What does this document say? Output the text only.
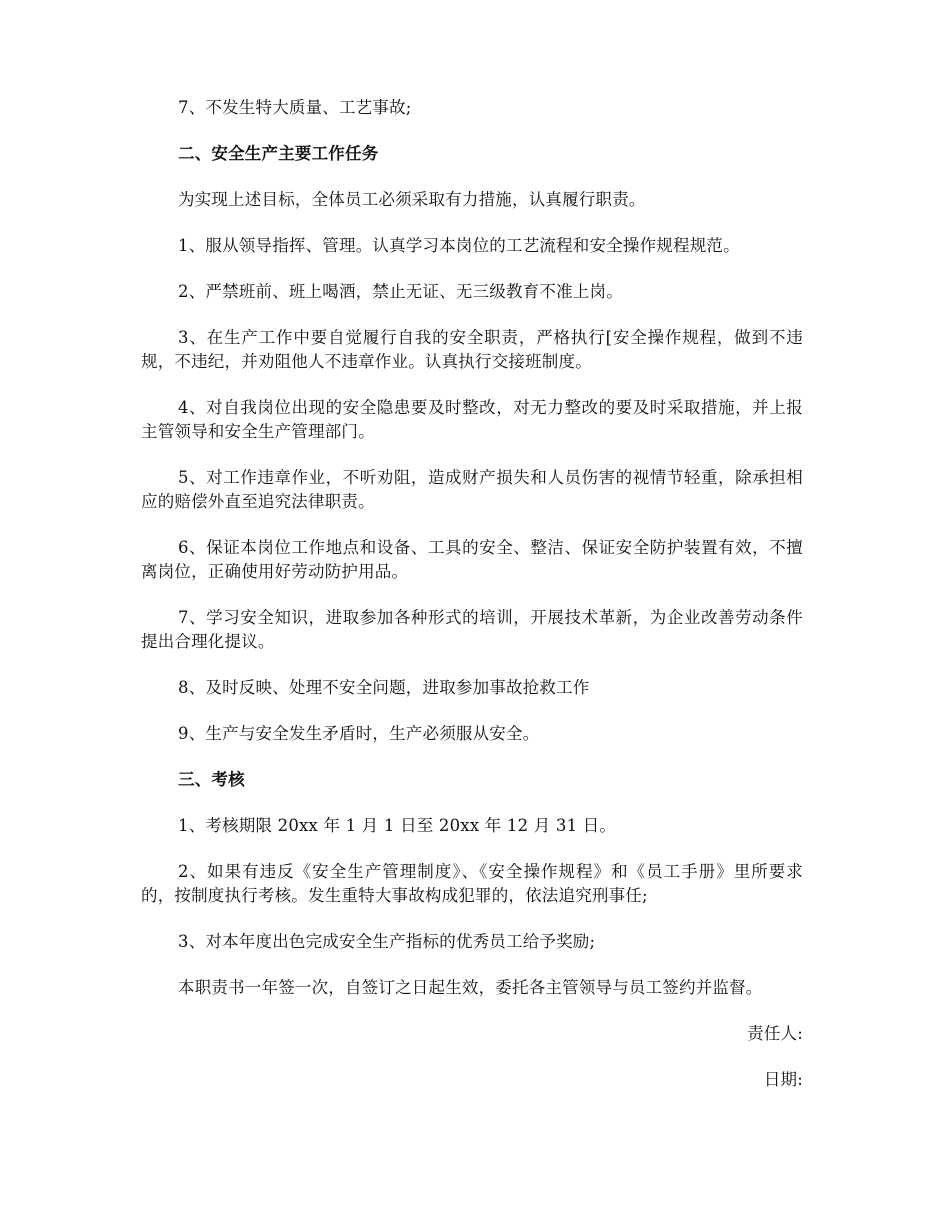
7、不发生特大质量、工艺事故;

二、安全生产主要工作任务

为实现上述目标，全体员工必须采取有力措施，认真履行职责。

1、服从领导指挥、管理。认真学习本岗位的工艺流程和安全操作规程规范。

2、严禁班前、班上喝酒，禁止无证、无三级教育不准上岗。

3、在生产工作中要自觉履行自我的安全职责，严格执行[安全操作规程，做到不违规，不违纪，并劝阻他人不违章作业。认真执行交接班制度。

4、对自我岗位出现的安全隐患要及时整改，对无力整改的要及时采取措施，并上报主管领导和安全生产管理部门。

5、对工作违章作业，不听劝阻，造成财产损失和人员伤害的视情节轻重，除承担相应的赔偿外直至追究法律职责。

6、保证本岗位工作地点和设备、工具的安全、整洁、保证安全防护装置有效，不擅离岗位，正确使用好劳动防护用品。

7、学习安全知识，进取参加各种形式的培训，开展技术革新，为企业改善劳动条件提出合理化提议。

8、及时反映、处理不安全问题，进取参加事故抢救工作

9、生产与安全发生矛盾时，生产必须服从安全。

三、考核

1、考核期限 20xx 年 1 月 1 日至 20xx 年 12 月 31 日。

2、如果有违反《安全生产管理制度》、《安全操作规程》和《员工手册》里所要求的，按制度执行考核。发生重特大事故构成犯罪的，依法追究刑事任;

3、对本年度出色完成安全生产指标的优秀员工给予奖励;

本职责书一年签一次，自签订之日起生效，委托各主管领导与员工签约并监督。

责任人:

日期:
